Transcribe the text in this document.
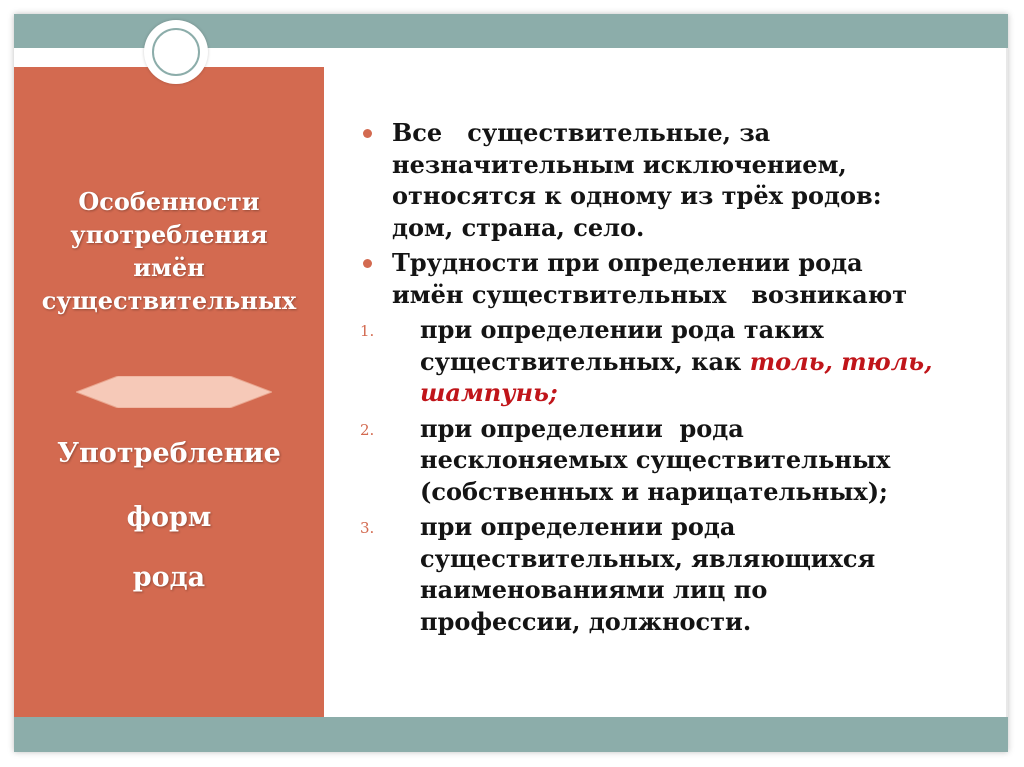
Особенности
употребления
имён
существительных
Употребление
форм
рода
Все   существительные, за
незначительным исключением,
относятся к одному из трёх родов:
дом, страна, село.
Трудности при определении рода
имён существительных   возникают
1. при определении рода таких
существительных, как толь, тюль,
шампунь;
2. при определении  рода
несклоняемых существительных
(собственных и нарицательных);
3. при определении рода
существительных, являющихся
наименованиями лиц по
профессии, должности.
